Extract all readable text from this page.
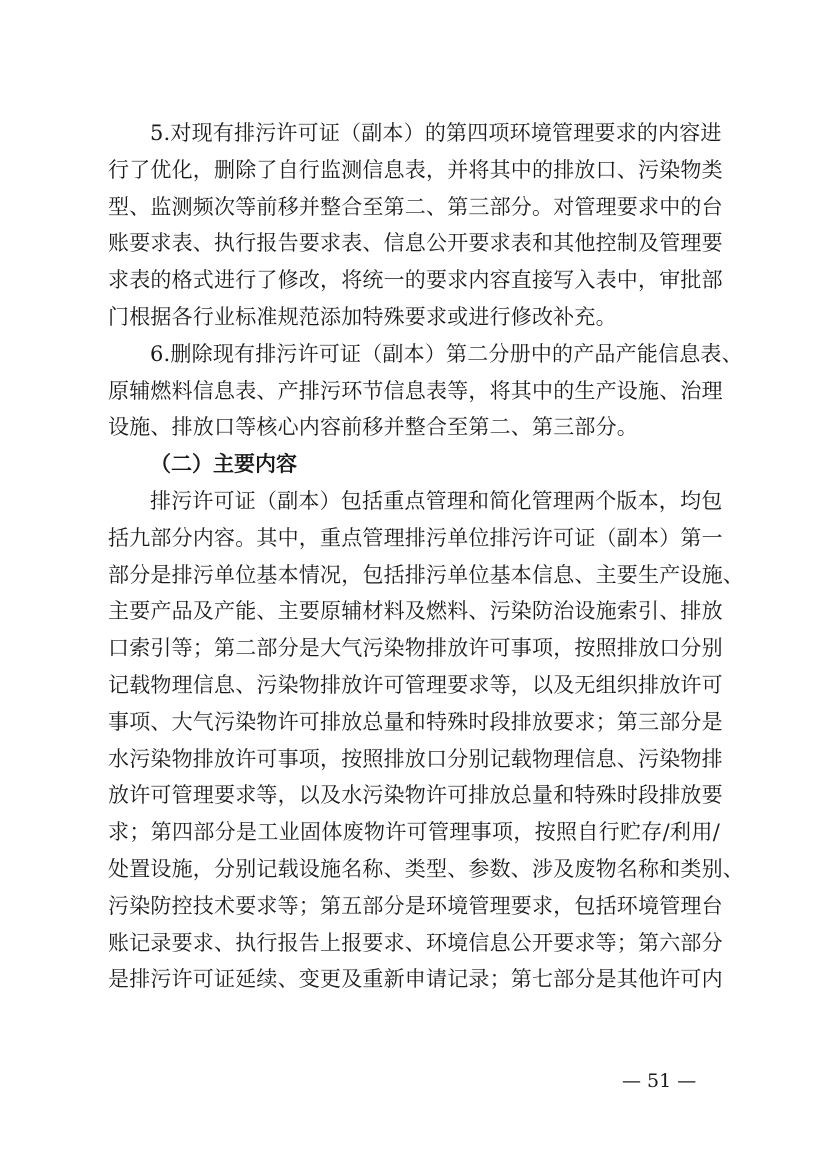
5.对现有排污许可证（副本）的第四项环境管理要求的内容进
行了优化，删除了自行监测信息表，并将其中的排放口、污染物类
型、监测频次等前移并整合至第二、第三部分。对管理要求中的台
账要求表、执行报告要求表、信息公开要求表和其他控制及管理要
求表的格式进行了修改，将统一的要求内容直接写入表中，审批部
门根据各行业标准规范添加特殊要求或进行修改补充。
6.删除现有排污许可证（副本）第二分册中的产品产能信息表、
原辅燃料信息表、产排污环节信息表等，将其中的生产设施、治理
设施、排放口等核心内容前移并整合至第二、第三部分。
（二）主要内容
排污许可证（副本）包括重点管理和简化管理两个版本，均包
括九部分内容。其中，重点管理排污单位排污许可证（副本）第一
部分是排污单位基本情况，包括排污单位基本信息、主要生产设施、
主要产品及产能、主要原辅材料及燃料、污染防治设施索引、排放
口索引等；第二部分是大气污染物排放许可事项，按照排放口分别
记载物理信息、污染物排放许可管理要求等，以及无组织排放许可
事项、大气污染物许可排放总量和特殊时段排放要求；第三部分是
水污染物排放许可事项，按照排放口分别记载物理信息、污染物排
放许可管理要求等，以及水污染物许可排放总量和特殊时段排放要
求；第四部分是工业固体废物许可管理事项，按照自行贮存/利用/
处置设施，分别记载设施名称、类型、参数、涉及废物名称和类别、
污染防控技术要求等；第五部分是环境管理要求，包括环境管理台
账记录要求、执行报告上报要求、环境信息公开要求等；第六部分
是排污许可证延续、变更及重新申请记录；第七部分是其他许可内
— 51 —
